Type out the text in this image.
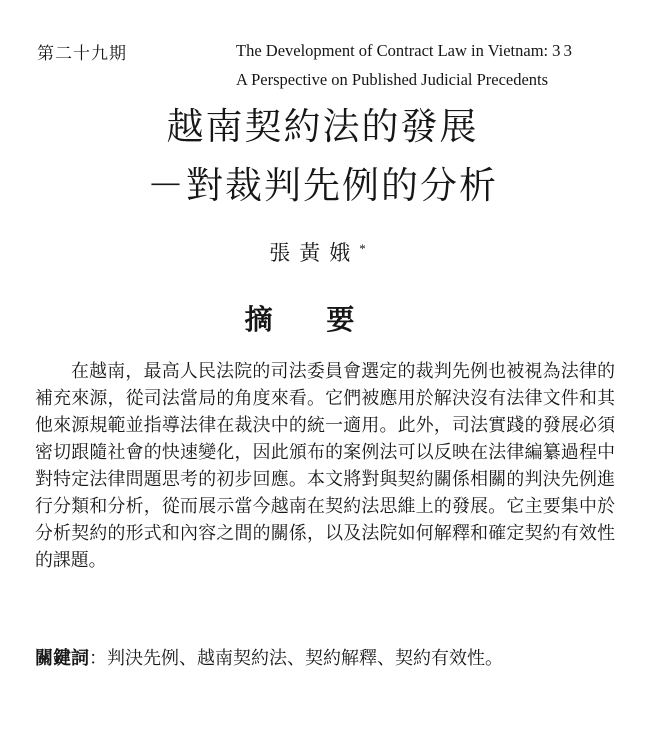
第二十九期	The Development of Contract Law in Vietnam:
A Perspective on Published Judicial Precedents
33
越南契約法的發展
－對裁判先例的分析
張黃娥*
摘 要
在越南，最高人民法院的司法委員會選定的裁判先例也被視為法律的
補充來源，從司法當局的角度來看。它們被應用於解決沒有法律文件和其
他來源規範並指導法律在裁決中的統一適用。此外，司法實踐的發展必須
密切跟隨社會的快速變化，因此頒布的案例法可以反映在法律編纂過程中
對特定法律問題思考的初步回應。本文將對與契約關係相關的判決先例進
行分類和分析，從而展示當今越南在契約法思維上的發展。它主要集中於
分析契約的形式和內容之間的關係，以及法院如何解釋和確定契約有效性
的課題。
關鍵詞：判決先例、越南契約法、契約解釋、契約有效性。
